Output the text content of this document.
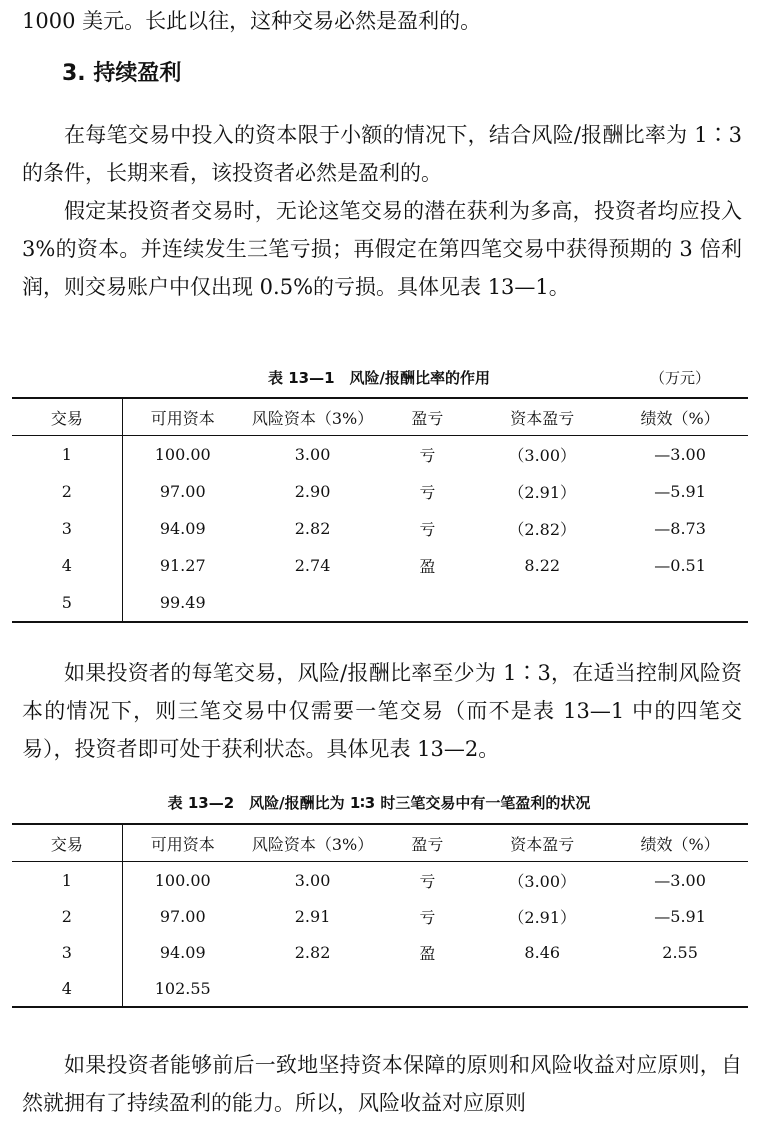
1000 美元。长此以往，这种交易必然是盈利的。

3. 持续盈利

在每笔交易中投入的资本限于小额的情况下，结合风险/报酬比率为 1∶3 的条件，长期来看，该投资者必然是盈利的。

假定某投资者交易时，无论这笔交易的潜在获利为多高，投资者均应投入 3%的资本。并连续发生三笔亏损；再假定在第四笔交易中获得预期的 3 倍利润，则交易账户中仅出现 0.5%的亏损。具体见表 13—1。

表 13—1　风险/报酬比率的作用	（万元）

交易	可用资本	风险资本（3%）	盈亏	资本盈亏	绩效（%）
1	100.00	3.00	亏	（3.00）	—3.00
2	97.00	2.90	亏	（2.91）	—5.91
3	94.09	2.82	亏	（2.82）	—8.73
4	91.27	2.74	盈	8.22	—0.51
5	99.49				

如果投资者的每笔交易，风险/报酬比率至少为 1∶3，在适当控制风险资本的情况下，则三笔交易中仅需要一笔交易（而不是表 13—1 中的四笔交易），投资者即可处于获利状态。具体见表 13—2。

表 13—2　风险/报酬比为 1∶3 时三笔交易中有一笔盈利的状况

交易	可用资本	风险资本（3%）	盈亏	资本盈亏	绩效（%）
1	100.00	3.00	亏	（3.00）	—3.00
2	97.00	2.91	亏	（2.91）	—5.91
3	94.09	2.82	盈	8.46	2.55
4	102.55				

如果投资者能够前后一致地坚持资本保障的原则和风险收益对应原则，自然就拥有了持续盈利的能力。所以，风险收益对应原则
